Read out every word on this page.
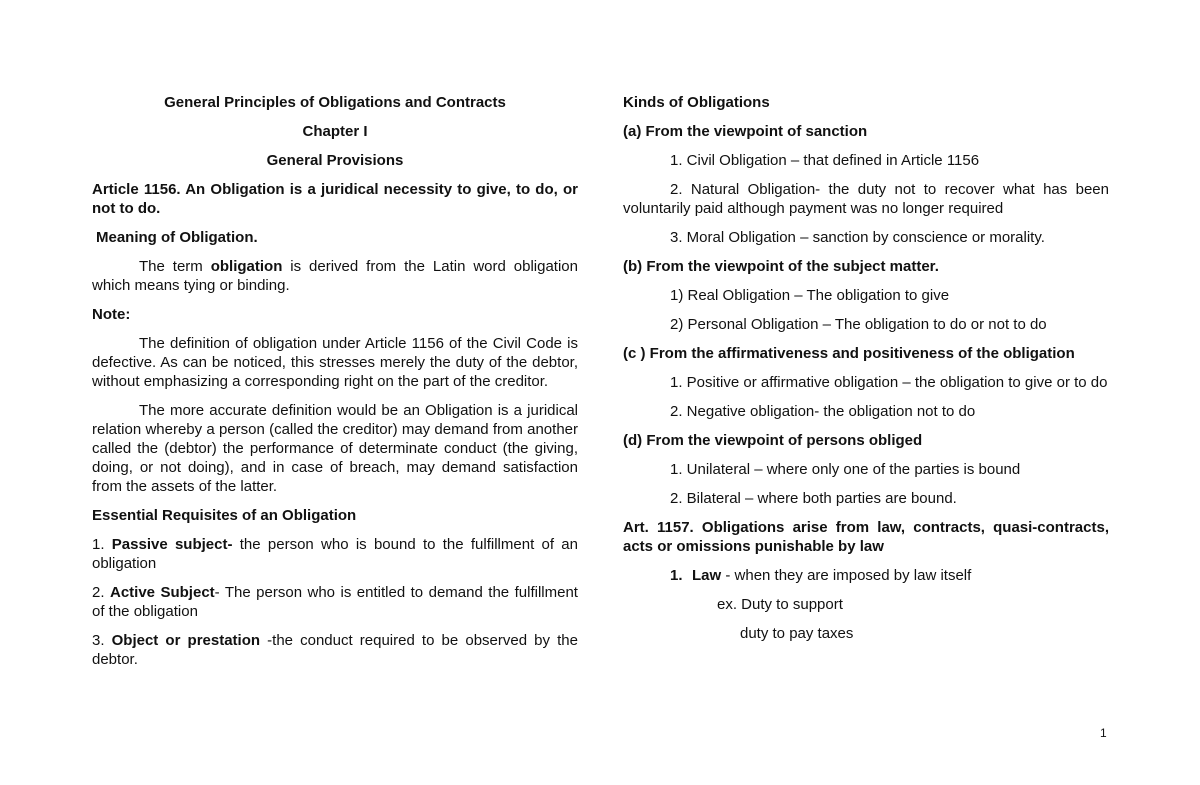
General Principles of Obligations and Contracts

Chapter I

General Provisions

Article 1156. An Obligation is a juridical necessity to give, to do, or not to do.

Meaning of Obligation.

The term obligation is derived from the Latin word obligation which means tying or binding.

Note:

The definition of obligation under Article 1156 of the Civil Code is defective. As can be noticed, this stresses merely the duty of the debtor, without emphasizing a corresponding right on the part of the creditor.

The more accurate definition would be an Obligation is a juridical relation whereby a person (called the creditor) may demand from another called the (debtor) the performance of determinate conduct (the giving, doing, or not doing), and in case of breach, may demand satisfaction from the assets of the latter.

Essential Requisites of an Obligation

1. Passive subject- the person who is bound to the fulfillment of an obligation

2. Active Subject- The person who is entitled to demand the fulfillment of the obligation

3. Object or prestation -the conduct required to be observed by the debtor.

Kinds of Obligations

(a) From the viewpoint of sanction

1. Civil Obligation – that defined in Article 1156

2. Natural Obligation- the duty not to recover what has been voluntarily paid although payment was no longer required

3. Moral Obligation – sanction by conscience or morality.

(b) From the viewpoint of the subject matter.

1) Real Obligation – The obligation to give

2) Personal Obligation – The obligation to do or not to do

(c ) From the affirmativeness and positiveness of the obligation

1. Positive or affirmative obligation – the obligation to give or to do

2. Negative obligation- the obligation not to do

(d) From the viewpoint of persons obliged

1. Unilateral – where only one of the parties is bound

2. Bilateral – where both parties are bound.

Art. 1157. Obligations arise from law, contracts, quasi-contracts, acts or omissions punishable by law

1. Law - when they are imposed by law itself

ex. Duty to support

duty to pay taxes

1
